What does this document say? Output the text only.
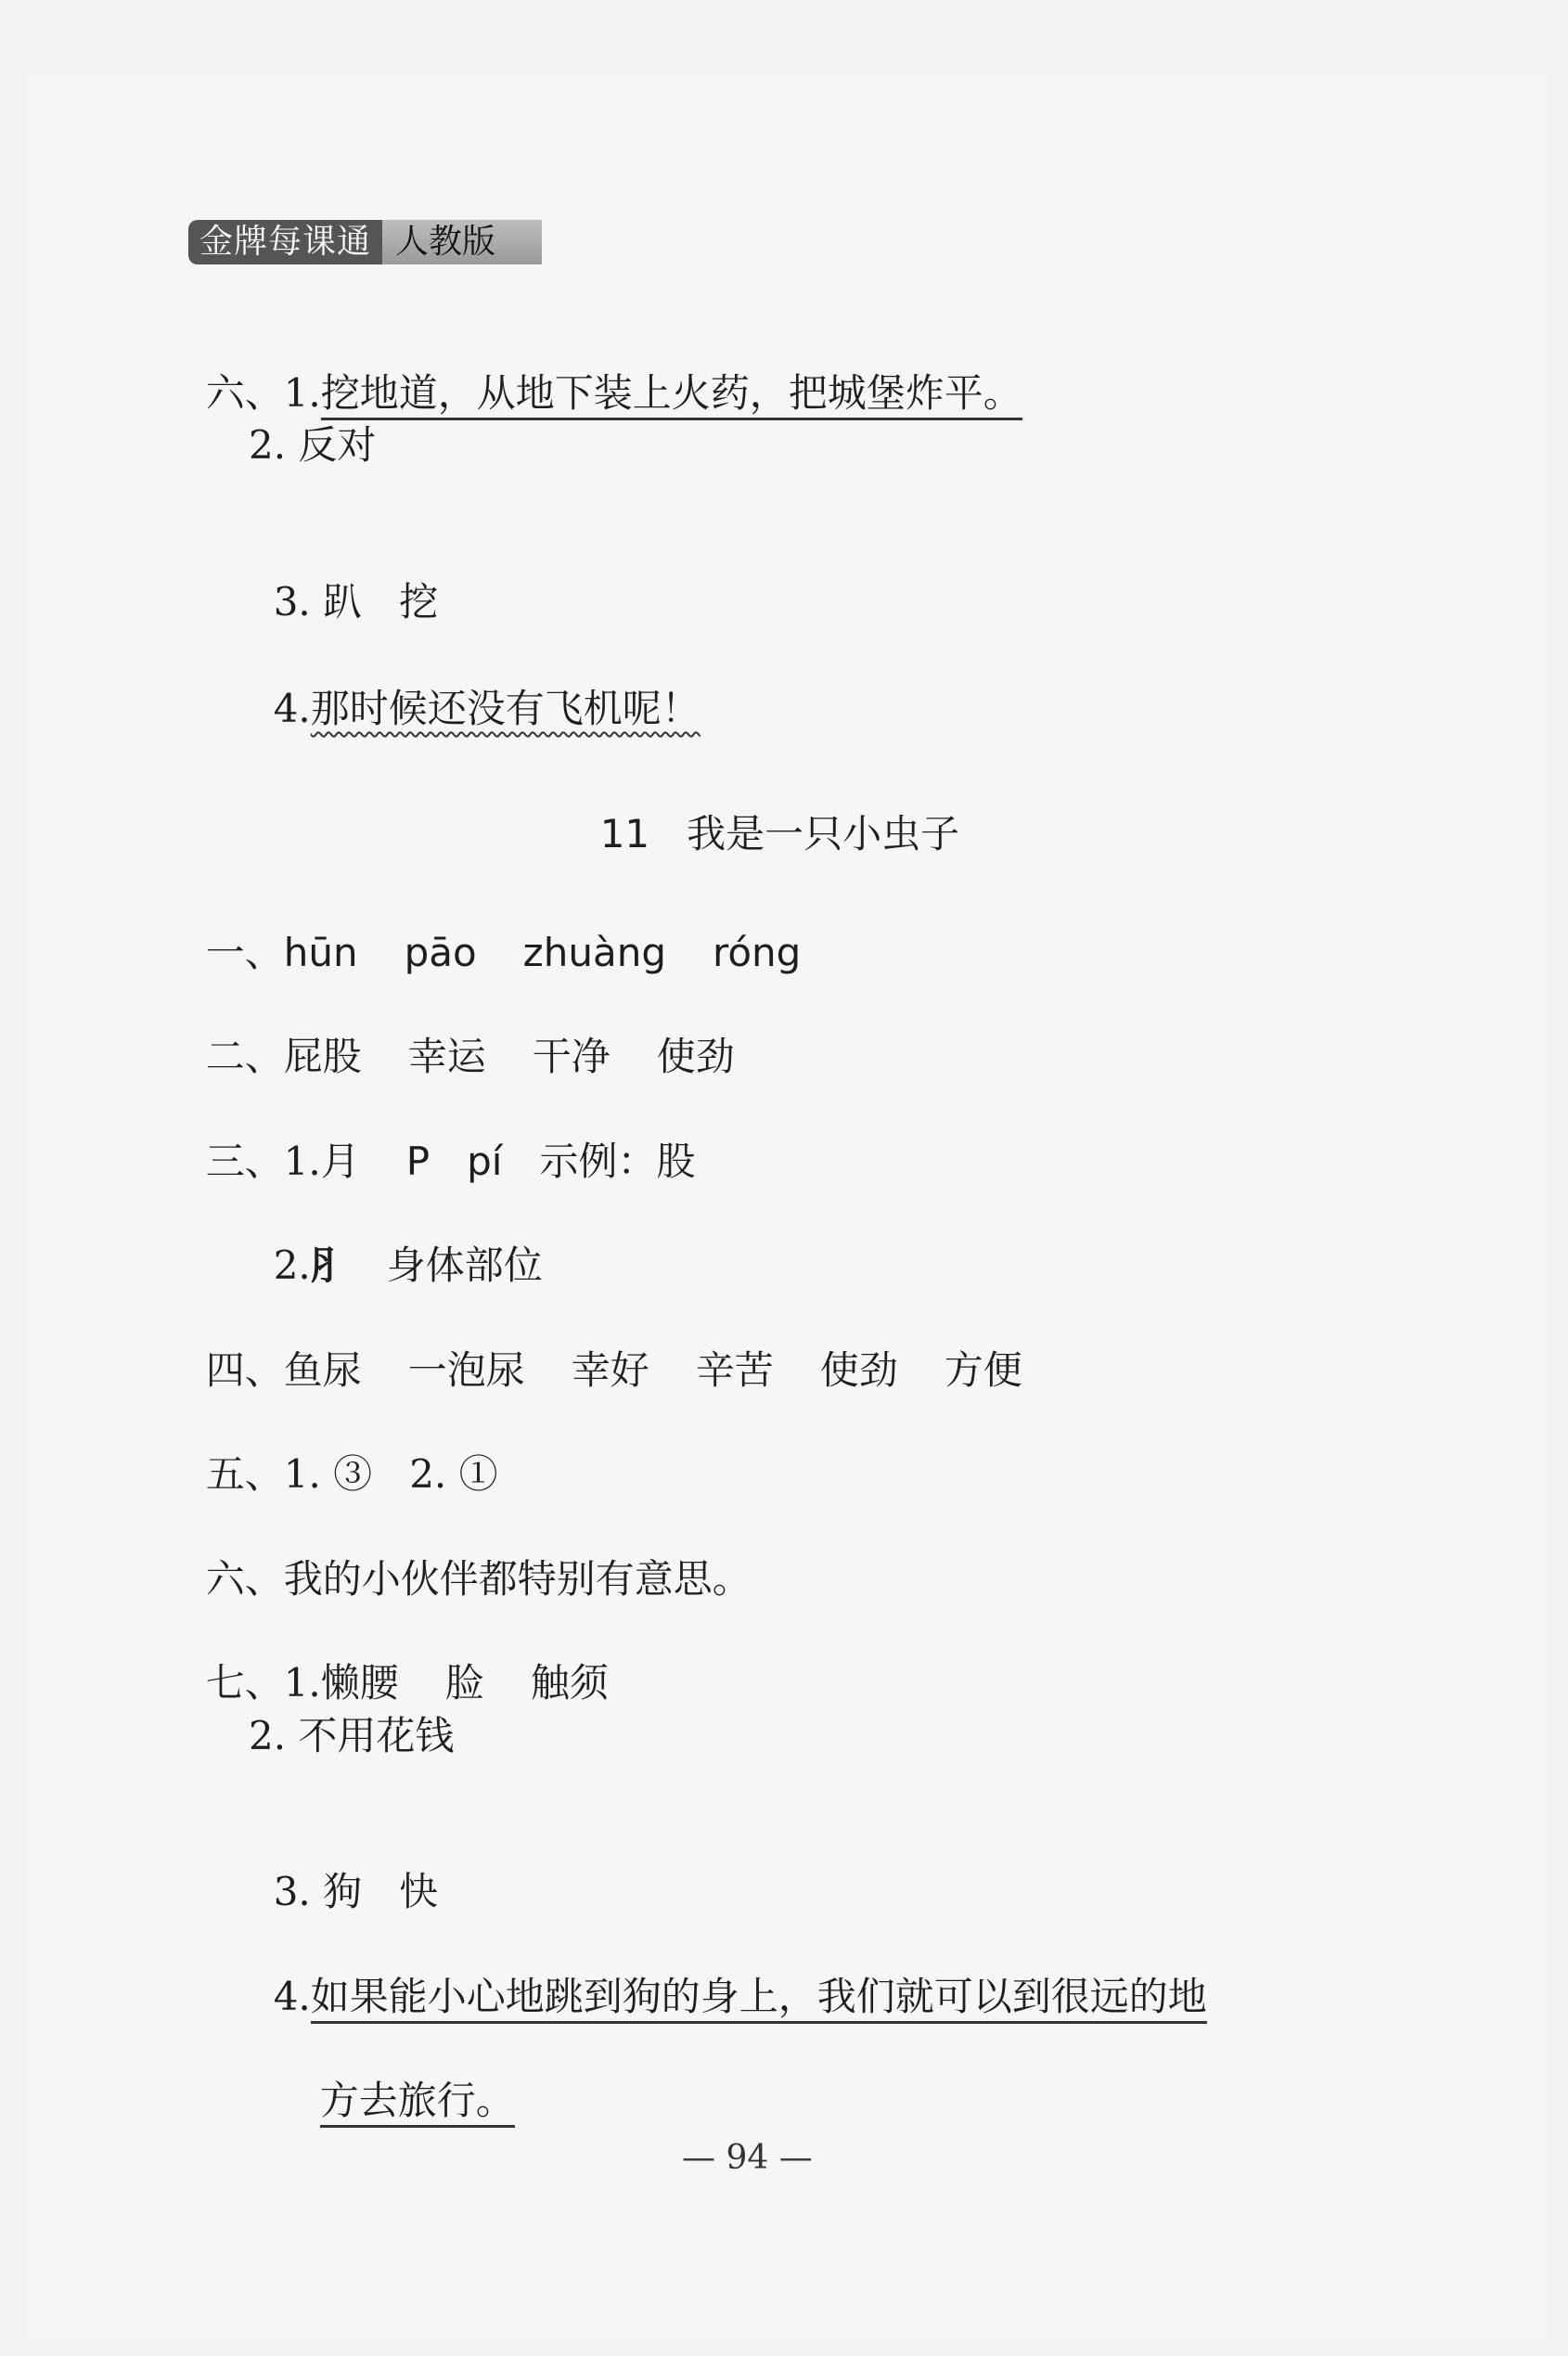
金牌每课通 人教版

六、1.挖地道，从地下装上火药，把城堡炸平。

2. 反对

3. 趴 挖

4.那时候还没有飞机呢！

11 我是一只小虫子

一、hūn pāo zhuàng róng

二、屁股 幸运 干净 使劲

三、1.月 P pí 示例：股

2.⺼ 身体部位

四、鱼尿 一泡尿 幸好 辛苦 使劲 方便

五、1. ③   2. ①

六、我的小伙伴都特别有意思。

七、1.懒腰 脸 触须

2. 不用花钱

3. 狗 快

4.如果能小心地跳到狗的身上，我们就可以到很远的地

方去旅行。

— 94 —
